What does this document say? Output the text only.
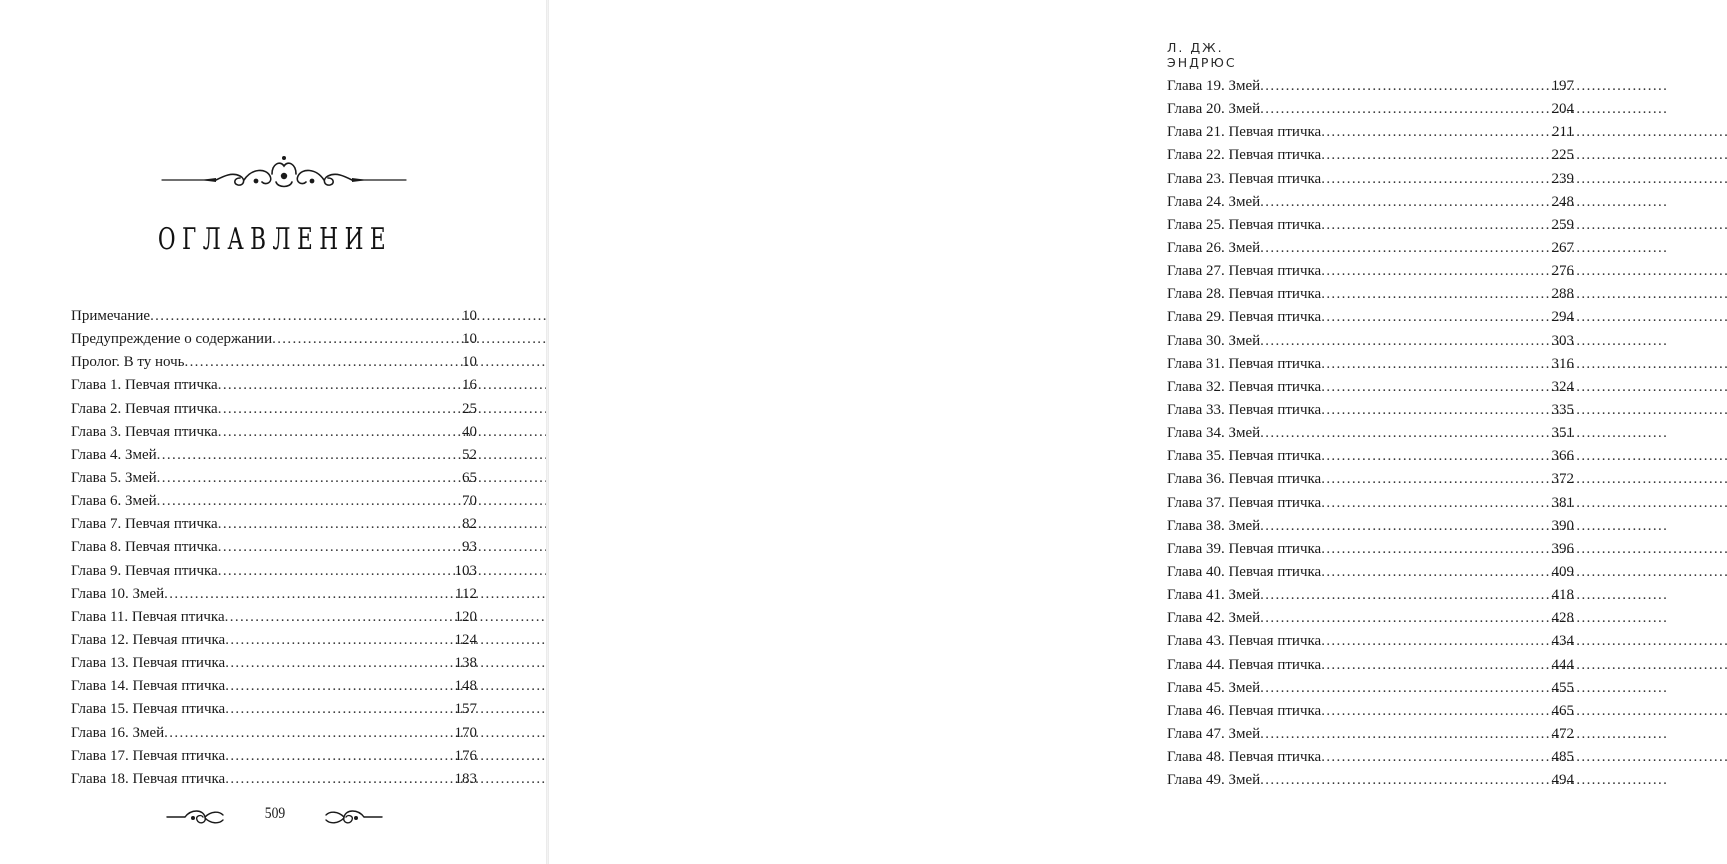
ОГЛАВЛЕНИЕ
Примечание . . .	10
Предупреждение о содержании . . .	10
Пролог. В ту ночь . . .	10
Глава 1. Певчая птичка . . .	16
Глава 2. Певчая птичка . . .	25
Глава 3. Певчая птичка . . .	40
Глава 4. Змей . . .	52
Глава 5. Змей . . .	65
Глава 6. Змей . . .	70
Глава 7. Певчая птичка . . .	82
Глава 8. Певчая птичка . . .	93
Глава 9. Певчая птичка . . .	103
Глава 10. Змей . . .	112
Глава 11. Певчая птичка . . .	120
Глава 12. Певчая птичка . . .	124
Глава 13. Певчая птичка . . .	138
Глава 14. Певчая птичка . . .	148
Глава 15. Певчая птичка . . .	157
Глава 16. Змей . . .	170
Глава 17. Певчая птичка . . .	176
Глава 18. Певчая птичка . . .	183
509
Л. ДЖ. ЭНДРЮС
Глава 19. Змей . . .	197
Глава 20. Змей . . .	204
Глава 21. Певчая птичка . . .	211
Глава 22. Певчая птичка . . .	225
Глава 23. Певчая птичка . . .	239
Глава 24. Змей . . .	248
Глава 25. Певчая птичка . . .	259
Глава 26. Змей . . .	267
Глава 27. Певчая птичка . . .	276
Глава 28. Певчая птичка . . .	288
Глава 29. Певчая птичка . . .	294
Глава 30. Змей . . .	303
Глава 31. Певчая птичка . . .	316
Глава 32. Певчая птичка . . .	324
Глава 33. Певчая птичка . . .	335
Глава 34. Змей . . .	351
Глава 35. Певчая птичка . . .	366
Глава 36. Певчая птичка . . .	372
Глава 37. Певчая птичка . . .	381
Глава 38. Змей . . .	390
Глава 39. Певчая птичка . . .	396
Глава 40. Певчая птичка . . .	409
Глава 41. Змей . . .	418
Глава 42. Змей . . .	428
Глава 43. Певчая птичка . . .	434
Глава 44. Певчая птичка . . .	444
Глава 45. Змей . . .	455
Глава 46. Певчая птичка . . .	465
Глава 47. Змей . . .	472
Глава 48. Певчая птичка . . .	485
Глава 49. Змей . . .	494
